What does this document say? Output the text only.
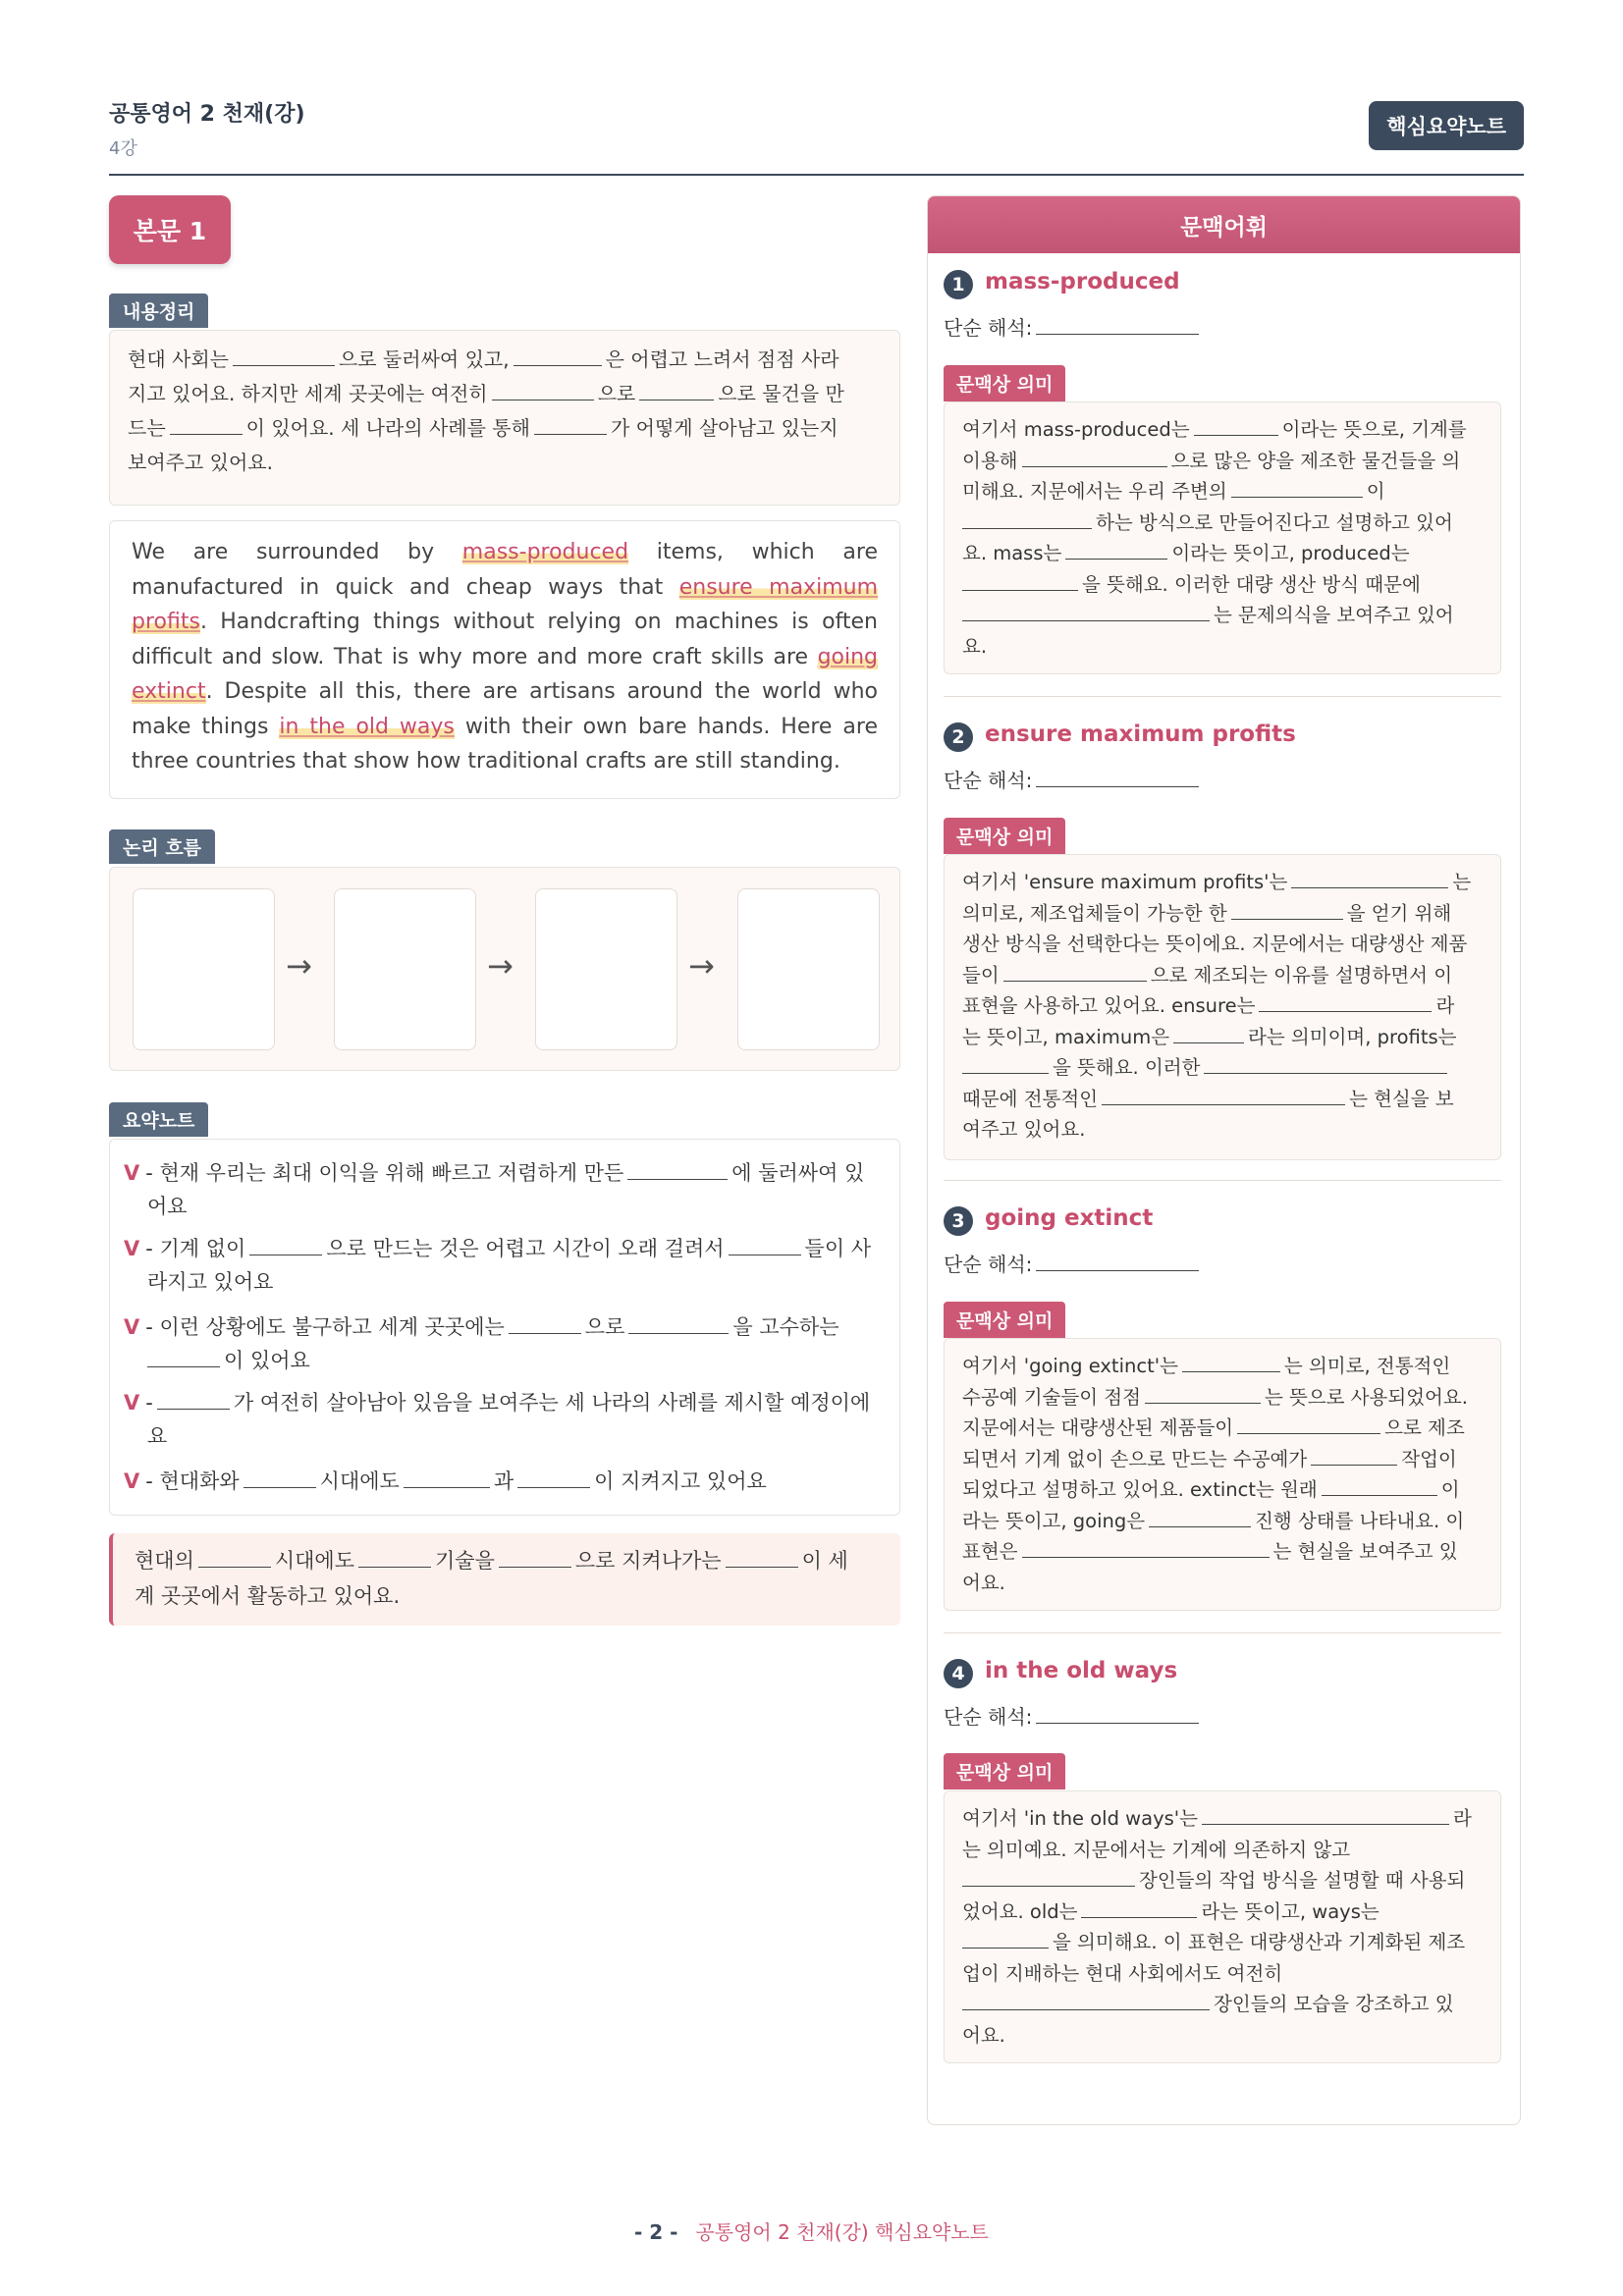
공통영어 2 천재(강)
4강
핵심요약노트
본문 1
내용정리
현대 사회는	으로 둘러싸여 있고,	은 어렵고 느려서 점점 사라
지고 있어요. 하지만 세계 곳곳에는 여전히	으로	으로 물건을 만
드는	이 있어요. 세 나라의 사례를 통해	가 어떻게 살아남고 있는지
보여주고 있어요.
We are surrounded by mass-produced items, which are manufactured in quick and cheap ways that ensure maximum profits. Handcrafting things without relying on machines is often difficult and slow. That is why more and more craft skills are going extinct. Despite all this, there are artisans around the world who make things in the old ways with their own bare hands. Here are three countries that show how traditional crafts are still standing.
논리 흐름
→	→	→
요약노트
V - 현재 우리는 최대 이익을 위해 빠르고 저렴하게 만든	에 둘러싸여 있
어요
V - 기계 없이	으로 만드는 것은 어렵고 시간이 오래 걸려서	들이 사
라지고 있어요
V - 이런 상황에도 불구하고 세계 곳곳에는	으로	을 고수하는
이 있어요
V -	가 여전히 살아남아 있음을 보여주는 세 나라의 사례를 제시할 예정이에
요
V - 현대화와	시대에도	과	이 지켜지고 있어요
현대의	시대에도	기술을	으로 지켜나가는	이 세
계 곳곳에서 활동하고 있어요.
문맥어휘
1 mass-produced
단순 해석:
문맥상 의미
여기서 mass-produced는	이라는 뜻으로, 기계를
이용해	으로 많은 양을 제조한 물건들을 의
미해요. 지문에서는 우리 주변의	이
하는 방식으로 만들어진다고 설명하고 있어
요. mass는	이라는 뜻이고, produced는
을 뜻해요. 이러한 대량 생산 방식 때문에
는 문제의식을 보여주고 있어
요.
2 ensure maximum profits
단순 해석:
문맥상 의미
여기서 'ensure maximum profits'는	는
의미로, 제조업체들이 가능한 한	을 얻기 위해
생산 방식을 선택한다는 뜻이에요. 지문에서는 대량생산 제품
들이	으로 제조되는 이유를 설명하면서 이
표현을 사용하고 있어요. ensure는	라
는 뜻이고, maximum은	라는 의미이며, profits는
을 뜻해요. 이러한
때문에 전통적인	는 현실을 보
여주고 있어요.
3 going extinct
단순 해석:
문맥상 의미
여기서 'going extinct'는	는 의미로, 전통적인
수공예 기술들이 점점	는 뜻으로 사용되었어요.
지문에서는 대량생산된 제품들이	으로 제조
되면서 기계 없이 손으로 만드는 수공예가	작업이
되었다고 설명하고 있어요. extinct는 원래	이
라는 뜻이고, going은	진행 상태를 나타내요. 이
표현은	는 현실을 보여주고 있
어요.
4 in the old ways
단순 해석:
문맥상 의미
여기서 'in the old ways'는	라
는 의미예요. 지문에서는 기계에 의존하지 않고
장인들의 작업 방식을 설명할 때 사용되
었어요. old는	라는 뜻이고, ways는
을 의미해요. 이 표현은 대량생산과 기계화된 제조
업이 지배하는 현대 사회에서도 여전히
장인들의 모습을 강조하고 있
어요.
- 2 - 공통영어 2 천재(강) 핵심요약노트
